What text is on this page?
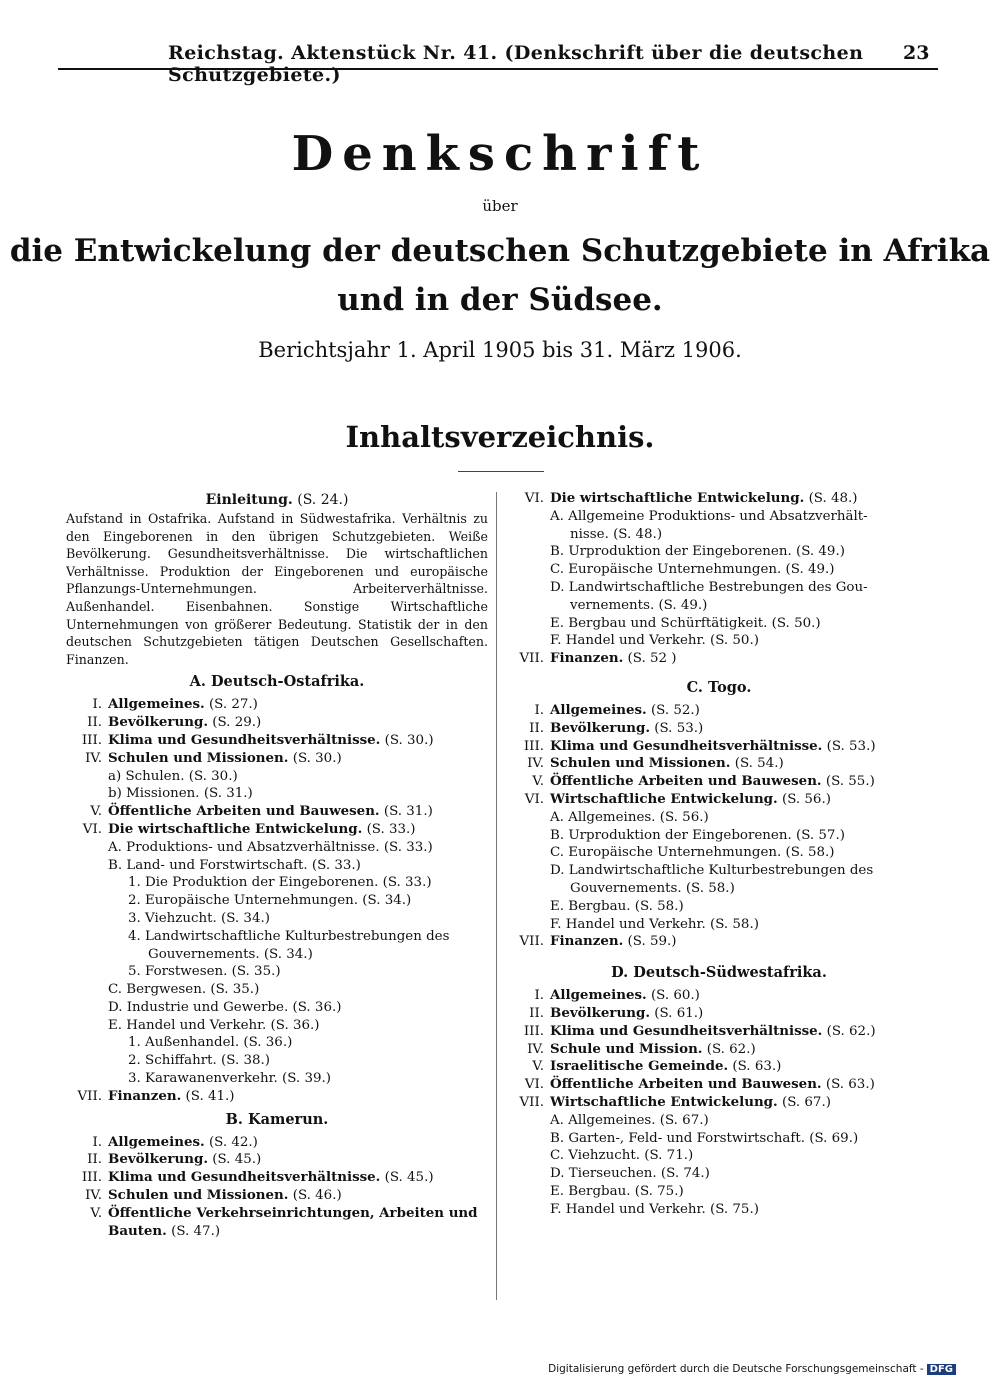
Reichstag. Aktenstück Nr. 41. (Denkschrift über die deutschen Schutzgebiete.)
23
Denkschrift
über
die Entwickelung der deutschen Schutzgebiete in Afrika
und in der Südsee.
Berichtsjahr 1. April 1905 bis 31. März 1906.
Inhaltsverzeichnis.
Einleitung. (S. 24.)
Aufstand in Ostafrika. Aufstand in Südwestafrika. Verhältnis zu den Eingeborenen in den übrigen Schutzgebieten. Weiße Bevölkerung. Gesundheitsverhältnisse. Die wirtschaftlichen Verhältnisse. Produktion der Eingeborenen und europäische Pflanzungs-Unternehmungen. Arbeiterverhältnisse. Außenhandel. Eisenbahnen. Sonstige Wirtschaftliche Unternehmungen von größerer Bedeutung. Statistik der in den deutschen Schutzgebieten tätigen Deutschen Gesellschaften. Finanzen.
A. Deutsch-Ostafrika.
I. Allgemeines. (S. 27.)
II. Bevölkerung. (S. 29.)
III. Klima und Gesundheitsverhältnisse. (S. 30.)
IV. Schulen und Missionen. (S. 30.)
a) Schulen. (S. 30.)
b) Missionen. (S. 31.)
V. Öffentliche Arbeiten und Bauwesen. (S. 31.)
VI. Die wirtschaftliche Entwickelung. (S. 33.)
A. Produktions- und Absatzverhältnisse. (S. 33.)
B. Land- und Forstwirtschaft. (S. 33.)
1. Die Produktion der Eingeborenen. (S. 33.)
2. Europäische Unternehmungen. (S. 34.)
3. Viehzucht. (S. 34.)
4. Landwirtschaftliche Kulturbestrebungen des
Gouvernements. (S. 34.)
5. Forstwesen. (S. 35.)
C. Bergwesen. (S. 35.)
D. Industrie und Gewerbe. (S. 36.)
E. Handel und Verkehr. (S. 36.)
1. Außenhandel. (S. 36.)
2. Schiffahrt. (S. 38.)
3. Karawanenverkehr. (S. 39.)
VII. Finanzen. (S. 41.)
B. Kamerun.
I. Allgemeines. (S. 42.)
II. Bevölkerung. (S. 45.)
III. Klima und Gesundheitsverhältnisse. (S. 45.)
IV. Schulen und Missionen. (S. 46.)
V. Öffentliche Verkehrseinrichtungen, Arbeiten und Bauten. (S. 47.)
VI. Die wirtschaftliche Entwickelung. (S. 48.)
A. Allgemeine Produktions- und Absatzverhält-
nisse. (S. 48.)
B. Urproduktion der Eingeborenen. (S. 49.)
C. Europäische Unternehmungen. (S. 49.)
D. Landwirtschaftliche Bestrebungen des Gou-
vernements. (S. 49.)
E. Bergbau und Schürftätigkeit. (S. 50.)
F. Handel und Verkehr. (S. 50.)
VII. Finanzen. (S. 52 )
C. Togo.
I. Allgemeines. (S. 52.)
II. Bevölkerung. (S. 53.)
III. Klima und Gesundheitsverhältnisse. (S. 53.)
IV. Schulen und Missionen. (S. 54.)
V. Öffentliche Arbeiten und Bauwesen. (S. 55.)
VI. Wirtschaftliche Entwickelung. (S. 56.)
A. Allgemeines. (S. 56.)
B. Urproduktion der Eingeborenen. (S. 57.)
C. Europäische Unternehmungen. (S. 58.)
D. Landwirtschaftliche Kulturbestrebungen des
Gouvernements. (S. 58.)
E. Bergbau. (S. 58.)
F. Handel und Verkehr. (S. 58.)
VII. Finanzen. (S. 59.)
D. Deutsch-Südwestafrika.
I. Allgemeines. (S. 60.)
II. Bevölkerung. (S. 61.)
III. Klima und Gesundheitsverhältnisse. (S. 62.)
IV. Schule und Mission. (S. 62.)
V. Israelitische Gemeinde. (S. 63.)
VI. Öffentliche Arbeiten und Bauwesen. (S. 63.)
VII. Wirtschaftliche Entwickelung. (S. 67.)
A. Allgemeines. (S. 67.)
B. Garten-, Feld- und Forstwirtschaft. (S. 69.)
C. Viehzucht. (S. 71.)
D. Tierseuchen. (S. 74.)
E. Bergbau. (S. 75.)
F. Handel und Verkehr. (S. 75.)
Digitalisierung gefördert durch die Deutsche Forschungsgemeinschaft - DFG
